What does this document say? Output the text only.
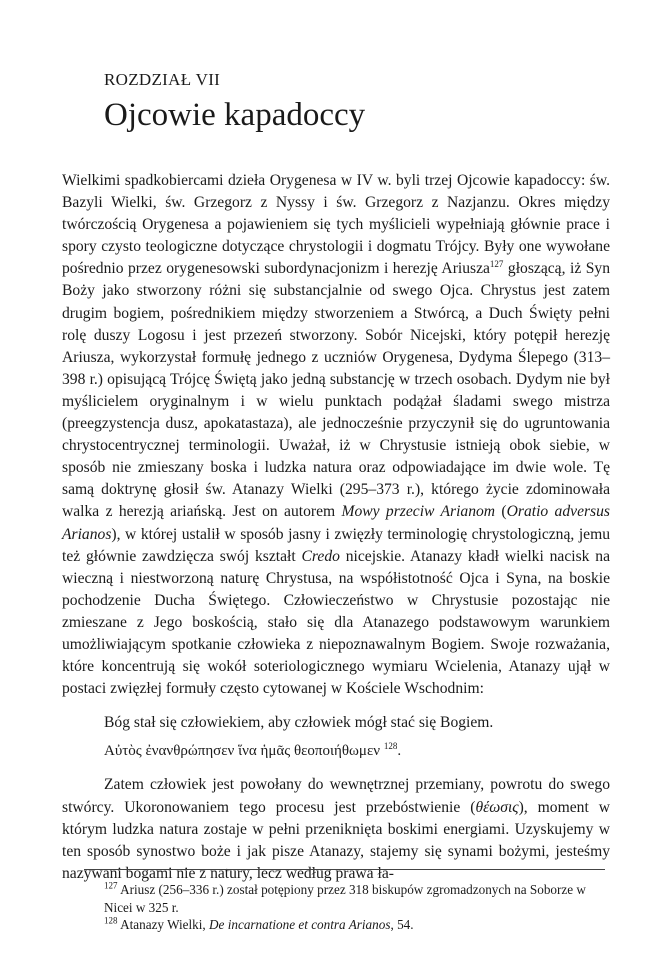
ROZDZIAŁ VII
Ojcowie kapadoccy

Wielkimi spadkobiercami dzieła Orygenesa w IV w. byli trzej Ojcowie kapadoccy: św. Bazyli Wielki, św. Grzegorz z Nyssy i św. Grzegorz z Nazjanzu. Okres między twórczością Orygenesa a pojawieniem się tych myślicieli wypełniają głównie prace i spory czysto teologiczne dotyczące chrystologii i dogmatu Trójcy. Były one wywołane pośrednio przez orygenesowski subordynacjonizm i herezję Ariusza$^{127}$ głoszącą, iż Syn Boży jako stworzony różni się substancjalnie od swego Ojca. Chrystus jest zatem drugim bogiem, pośrednikiem między stworzeniem a Stwórcą, a Duch Święty pełni rolę duszy Logosu i jest przezeń stworzony. Sobór Nicejski, który potępił herezję Ariusza, wykorzystał formułę jednego z uczniów Orygenesa, Dydyma Ślepego (313–398 r.) opisującą Trójcę Świętą jako jedną substancję w trzech osobach. Dydym nie był myślicielem oryginalnym i w wielu punktach podążał śladami swego mistrza (preegzystencja dusz, apokatastaza), ale jednocześnie przyczynił się do ugruntowania chrystocentrycznej terminologii. Uważał, iż w Chrystusie istnieją obok siebie, w sposób nie zmieszany boska i ludzka natura oraz odpowiadające im dwie wole. Tę samą doktrynę głosił św. Atanazy Wielki (295–373 r.), którego życie zdominowała walka z herezją ariańską. Jest on autorem Mowy przeciw Arianom (Oratio adversus Arianos), w której ustalił w sposób jasny i zwięzły terminologię chrystologiczną, jemu też głównie zawdzięcza swój kształt Credo nicejskie. Atanazy kładł wielki nacisk na wieczną i niestworzoną naturę Chrystusa, na współistotność Ojca i Syna, na boskie pochodzenie Ducha Świętego. Człowieczeństwo w Chrystusie pozostając nie zmieszane z Jego boskością, stało się dla Atanazego podstawowym warunkiem umożliwiającym spotkanie człowieka z niepoznawalnym Bogiem. Swoje rozważania, które koncentrują się wokół soteriologicznego wymiaru Wcielenia, Atanazy ujął w postaci zwięzłej formuły często cytowanej w Kościele Wschodnim:

Bóg stał się człowiekiem, aby człowiek mógł stać się Bogiem.

Αὐτὸς ἐνανθρώπησεν ἵνα ἡμᾶς θεοποιήθωμεν $^{128}$.

Zatem człowiek jest powołany do wewnętrznej przemiany, powrotu do swego stwórcy. Ukoronowaniem tego procesu jest przebóstwienie (θέωσις), moment w którym ludzka natura zostaje w pełni przeniknięta boskimi energiami. Uzyskujemy w ten sposób synostwo boże i jak pisze Atanazy, stajemy się synami bożymi, jesteśmy nazywani bogami nie z natury, lecz według prawa ła-

$^{127}$ Ariusz (256–336 r.) został potępiony przez 318 biskupów zgromadzonych na Soborze w Nicei w 325 r.

$^{128}$ Atanazy Wielki, De incarnatione et contra Arianos, 54.
